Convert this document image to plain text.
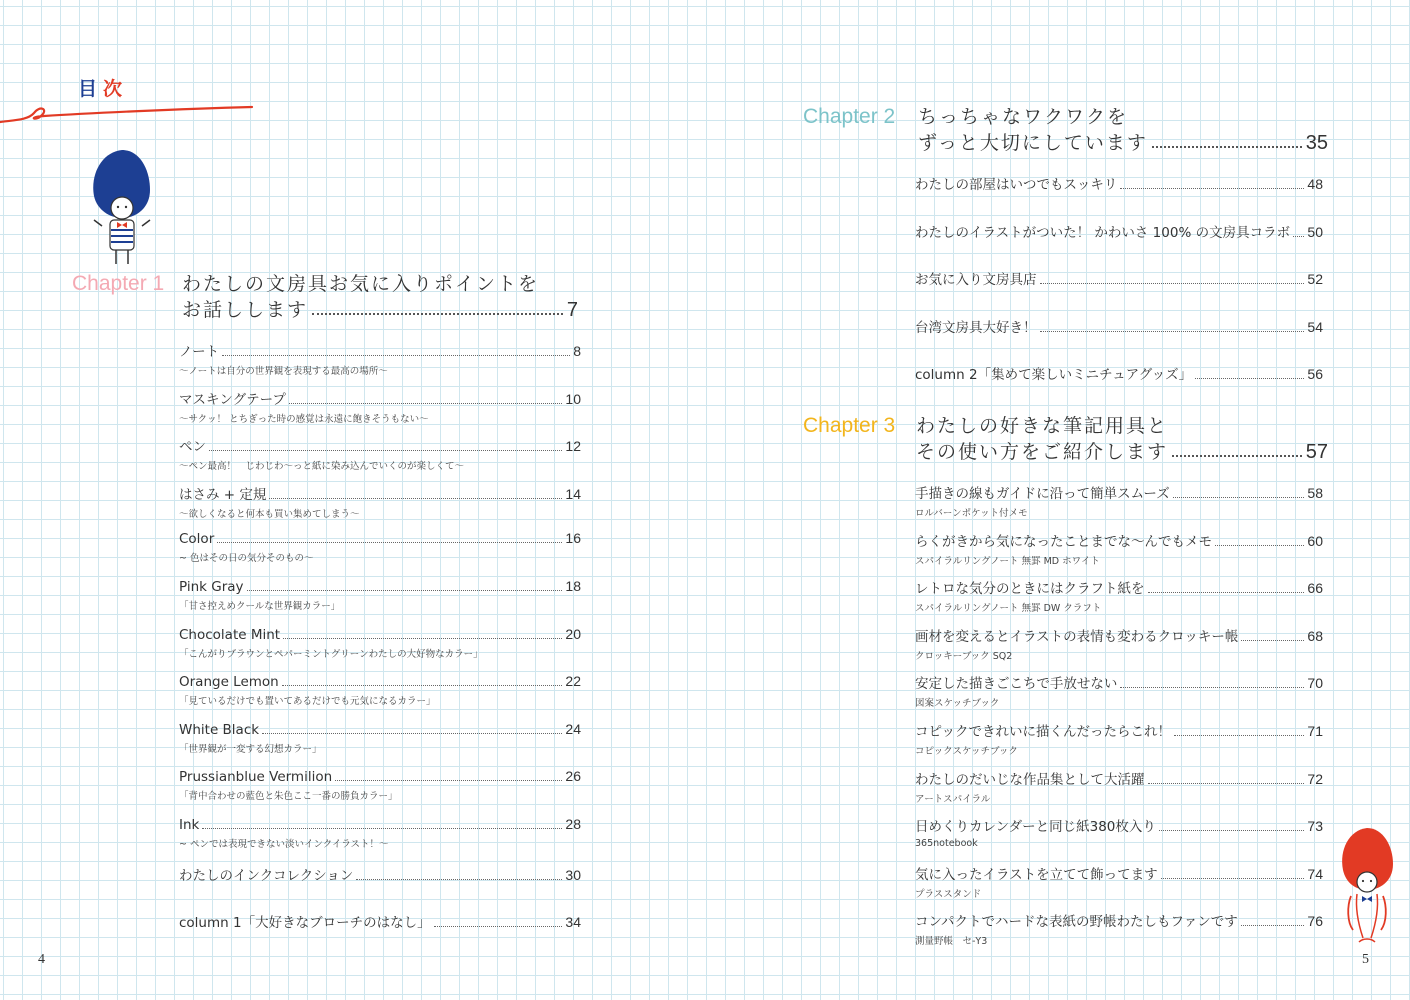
目次
Chapter 1 わたしの文房具お気に入りポイントを
お話しします	7
ノート	8
〜ノートは自分の世界観を表現する最高の場所〜
マスキングテープ	10
〜サクッ！ とちぎった時の感覚は永遠に飽きそうもない〜
ペン	12
〜ペン最高！　じわじわ〜っと紙に染み込んでいくのが楽しくて〜
はさみ + 定規	14
〜欲しくなると何本も買い集めてしまう〜
Color	16
~ 色はその日の気分そのもの〜
Pink Gray	18
「甘さ控えめクールな世界観カラー」
Chocolate Mint	20
「こんがりブラウンとペパーミントグリーンわたしの大好物なカラー」
Orange Lemon	22
「見ているだけでも置いてあるだけでも元気になるカラー」
White Black	24
「世界観が一変する幻想カラー」
Prussianblue Vermilion	26
「背中合わせの藍色と朱色ここ一番の勝負カラー」
Ink	28
~ ペンでは表現できない淡いインクイラスト！〜
わたしのインクコレクション	30
column 1「大好きなブローチのはなし」	34
4
Chapter 2 ちっちゃなワクワクを
ずっと大切にしています	35
わたしの部屋はいつでもスッキリ	48
わたしのイラストがついた！ かわいさ 100% の文房具コラボ 50
お気に入り文房具店	52
台湾文房具大好き！	54
column 2「集めて楽しいミニチュアグッズ」	56
Chapter 3 わたしの好きな筆記用具と
その使い方をご紹介します	57
手描きの線もガイドに沿って簡単スムーズ	58
ロルバーンポケット付メモ
らくがきから気になったことまでな〜んでもメモ	60
スパイラルリングノート 無罫 MD ホワイト
レトロな気分のときにはクラフト紙を	66
スパイラルリングノート 無罫 DW クラフト
画材を変えるとイラストの表情も変わるクロッキー帳	68
クロッキーブック SQ2
安定した描きごこちで手放せない	70
図案スケッチブック
コピックできれいに描くんだったらこれ！	71
コピックスケッチブック
わたしのだいじな作品集として大活躍	72
アートスパイラル
日めくりカレンダーと同じ紙380枚入り	73
365notebook
気に入ったイラストを立てて飾ってます	74
プラススタンド
コンパクトでハードな表紙の野帳わたしもファンです	76
測量野帳　セ-Y3
5
